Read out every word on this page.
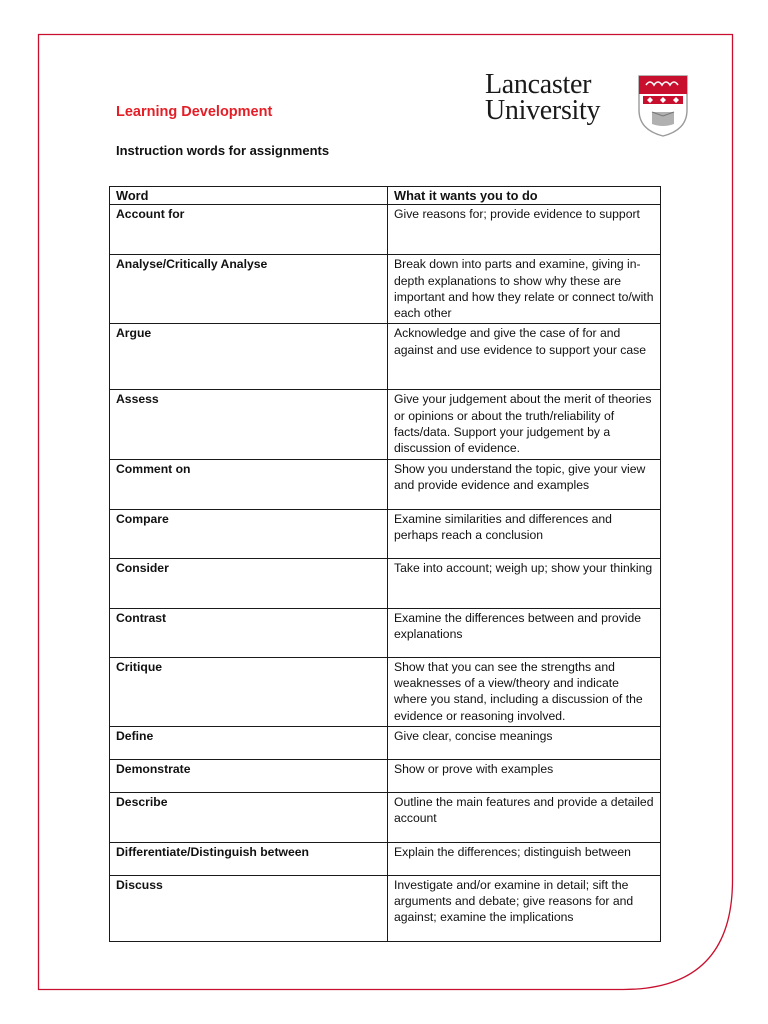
Lancaster
University
Learning Development
Instruction words for assignments
Word	What it wants you to do
Account for	Give reasons for; provide evidence to support
Analyse/Critically Analyse	Break down into parts and examine, giving in-depth explanations to show why these are important and how they relate or connect to/with each other
Argue	Acknowledge and give the case of for and against and use evidence to support your case
Assess	Give your judgement about the merit of theories or opinions or about the truth/reliability of facts/data. Support your judgement by a discussion of evidence.
Comment on	Show you understand the topic, give your view and provide evidence and examples
Compare	Examine similarities and differences and perhaps reach a conclusion
Consider	Take into account; weigh up; show your thinking
Contrast	Examine the differences between and provide explanations
Critique	Show that you can see the strengths and weaknesses of a view/theory and indicate where you stand, including a discussion of the evidence or reasoning involved.
Define	Give clear, concise meanings
Demonstrate	Show or prove with examples
Describe	Outline the main features and provide a detailed account
Differentiate/Distinguish between	Explain the differences; distinguish between
Discuss	Investigate and/or examine in detail; sift the arguments and debate; give reasons for and against; examine the implications
